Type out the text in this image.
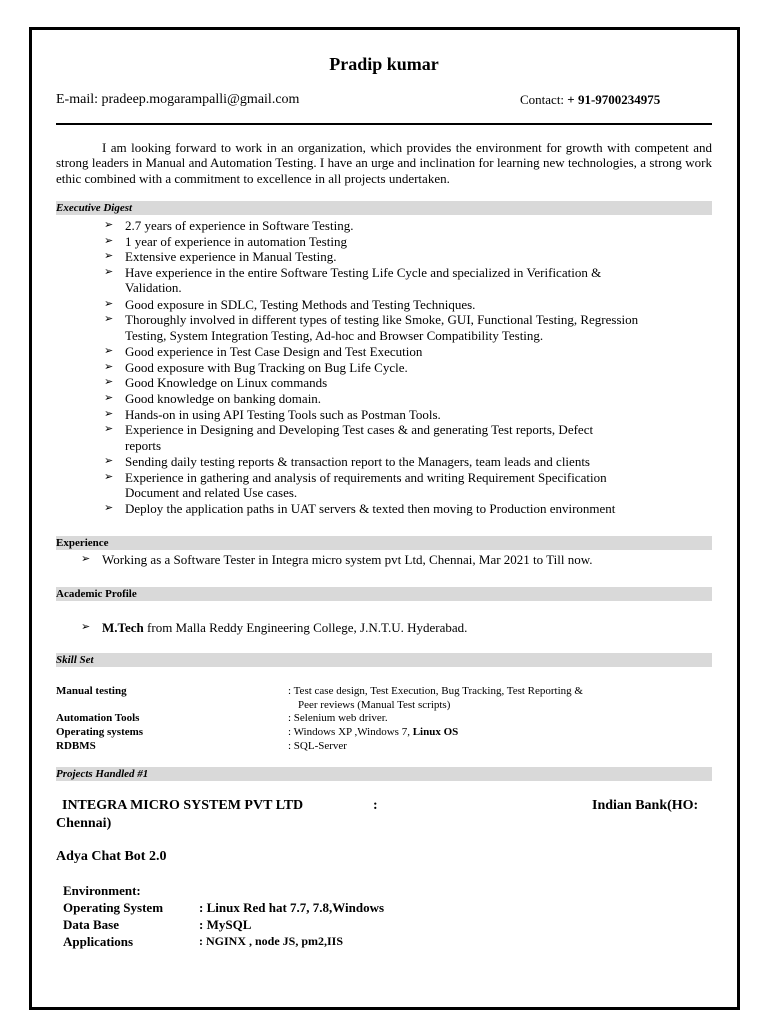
Pradip kumar
E-mail: pradeep.mogarampalli@gmail.com	Contact: + 91-9700234975
I am looking forward to work in an organization, which provides the environment for growth with competent and strong leaders in Manual and Automation Testing. I have an urge and inclination for learning new technologies, a strong work ethic combined with a commitment to excellence in all projects undertaken.
Executive Digest
➢ 2.7 years of experience in Software Testing.
➢ 1 year of experience in automation Testing
➢ Extensive experience in Manual Testing.
➢ Have experience in the entire Software Testing Life Cycle and specialized in Verification &
Validation.
➢ Good exposure in SDLC, Testing Methods and Testing Techniques.
➢ Thoroughly involved in different types of testing like Smoke, GUI, Functional Testing, Regression
Testing, System Integration Testing, Ad-hoc and Browser Compatibility Testing.
➢ Good experience in Test Case Design and Test Execution
➢ Good exposure with Bug Tracking on Bug Life Cycle.
➢ Good Knowledge on Linux commands
➢ Good knowledge on banking domain.
➢ Hands-on in using API Testing Tools such as Postman Tools.
➢ Experience in Designing and Developing Test cases & and generating Test reports, Defect
reports
➢ Sending daily testing reports & transaction report to the Managers, team leads and clients
➢ Experience in gathering and analysis of requirements and writing Requirement Specification
Document and related Use cases.
➢ Deploy the application paths in UAT servers & texted then moving to Production environment
Experience
➢ Working as a Software Tester in Integra micro system pvt Ltd, Chennai, Mar 2021 to Till now.
Academic Profile
➢ M.Tech from Malla Reddy Engineering College, J.N.T.U. Hyderabad.
Skill Set
Manual testing	: Test case design, Test Execution, Bug Tracking, Test Reporting &
Peer reviews (Manual Test scripts)
Automation Tools	: Selenium web driver.
Operating systems	: Windows XP ,Windows 7, Linux OS
RDBMS	: SQL-Server
Projects Handled #1
INTEGRA MICRO SYSTEM PVT LTD	:	Indian Bank(HO:
Chennai)
Adya Chat Bot 2.0
Environment:
Operating System	: Linux Red hat 7.7, 7.8,Windows
Data Base	: MySQL
Applications	: NGINX , node JS, pm2,IIS
